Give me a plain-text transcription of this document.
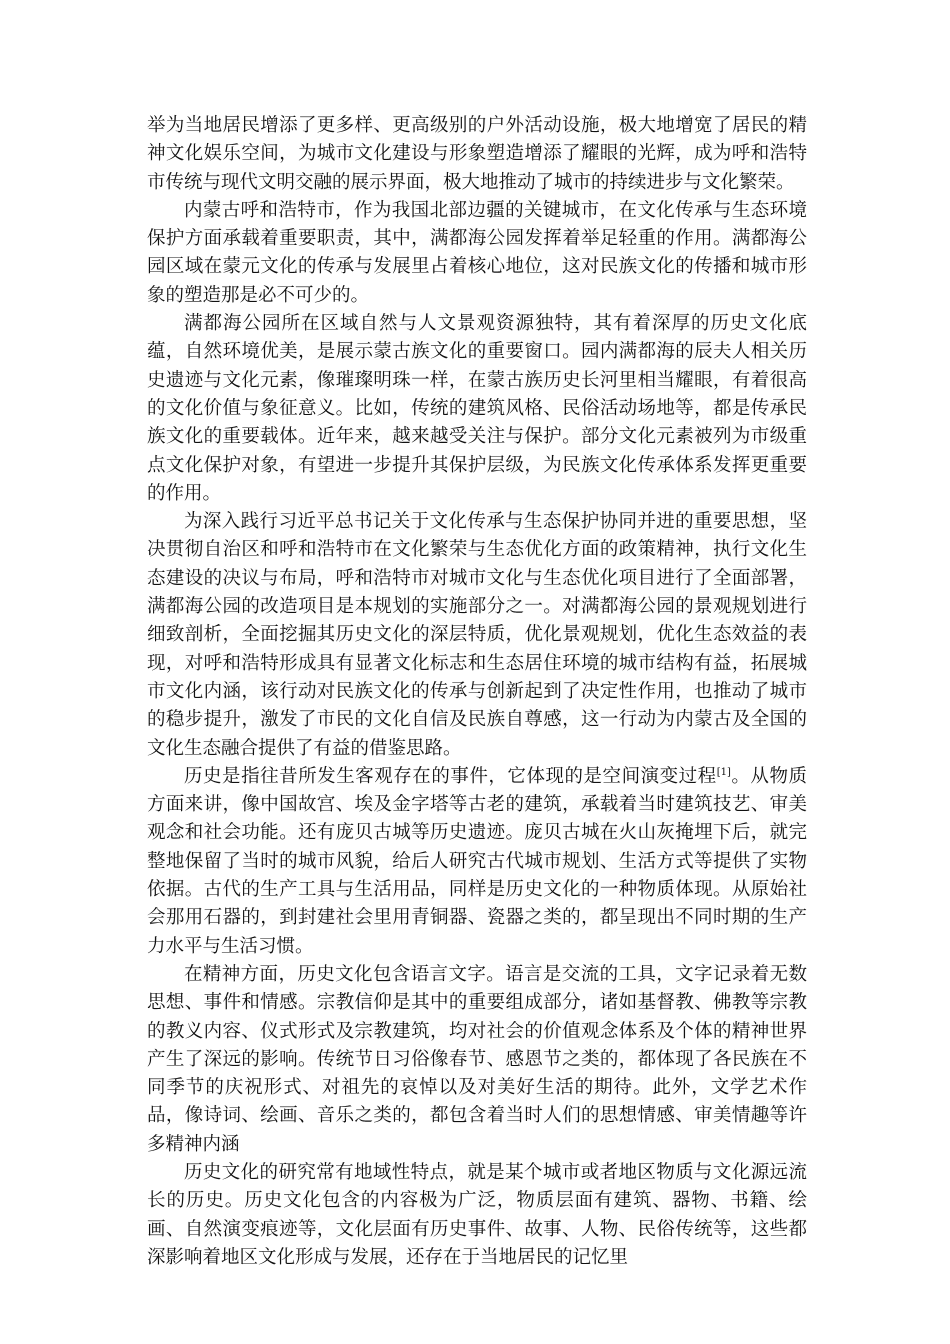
举为当地居民增添了更多样、更高级别的户外活动设施，极大地增宽了居民的精神文化娱乐空间，为城市文化建设与形象塑造增添了耀眼的光辉，成为呼和浩特市传统与现代文明交融的展示界面，极大地推动了城市的持续进步与文化繁荣。

内蒙古呼和浩特市，作为我国北部边疆的关键城市，在文化传承与生态环境保护方面承载着重要职责，其中，满都海公园发挥着举足轻重的作用。满都海公园区域在蒙元文化的传承与发展里占着核心地位，这对民族文化的传播和城市形象的塑造那是必不可少的。

满都海公园所在区域自然与人文景观资源独特，其有着深厚的历史文化底蕴，自然环境优美，是展示蒙古族文化的重要窗口。园内满都海的辰夫人相关历史遗迹与文化元素，像璀璨明珠一样，在蒙古族历史长河里相当耀眼，有着很高的文化价值与象征意义。比如，传统的建筑风格、民俗活动场地等，都是传承民族文化的重要载体。近年来，越来越受关注与保护。部分文化元素被列为市级重点文化保护对象，有望进一步提升其保护层级，为民族文化传承体系发挥更重要的作用。

为深入践行习近平总书记关于文化传承与生态保护协同并进的重要思想，坚决贯彻自治区和呼和浩特市在文化繁荣与生态优化方面的政策精神，执行文化生态建设的决议与布局，呼和浩特市对城市文化与生态优化项目进行了全面部署，满都海公园的改造项目是本规划的实施部分之一。对满都海公园的景观规划进行细致剖析，全面挖掘其历史文化的深层特质，优化景观规划，优化生态效益的表现，对呼和浩特形成具有显著文化标志和生态居住环境的城市结构有益，拓展城市文化内涵，该行动对民族文化的传承与创新起到了决定性作用，也推动了城市的稳步提升，激发了市民的文化自信及民族自尊感，这一行动为内蒙古及全国的文化生态融合提供了有益的借鉴思路。

历史是指往昔所发生客观存在的事件，它体现的是空间演变过程[1]。从物质方面来讲，像中国故宫、埃及金字塔等古老的建筑，承载着当时建筑技艺、审美观念和社会功能。还有庞贝古城等历史遗迹。庞贝古城在火山灰掩埋下后，就完整地保留了当时的城市风貌，给后人研究古代城市规划、生活方式等提供了实物依据。古代的生产工具与生活用品，同样是历史文化的一种物质体现。从原始社会那用石器的，到封建社会里用青铜器、瓷器之类的，都呈现出不同时期的生产力水平与生活习惯。

在精神方面，历史文化包含语言文字。语言是交流的工具，文字记录着无数思想、事件和情感。宗教信仰是其中的重要组成部分，诸如基督教、佛教等宗教的教义内容、仪式形式及宗教建筑，均对社会的价值观念体系及个体的精神世界产生了深远的影响。传统节日习俗像春节、感恩节之类的，都体现了各民族在不同季节的庆祝形式、对祖先的哀悼以及对美好生活的期待。此外，文学艺术作品，像诗词、绘画、音乐之类的，都包含着当时人们的思想情感、审美情趣等许多精神内涵

历史文化的研究常有地域性特点，就是某个城市或者地区物质与文化源远流长的历史。历史文化包含的内容极为广泛，物质层面有建筑、器物、书籍、绘画、自然演变痕迹等，文化层面有历史事件、故事、人物、民俗传统等，这些都深影响着地区文化形成与发展，还存在于当地居民的记忆里
